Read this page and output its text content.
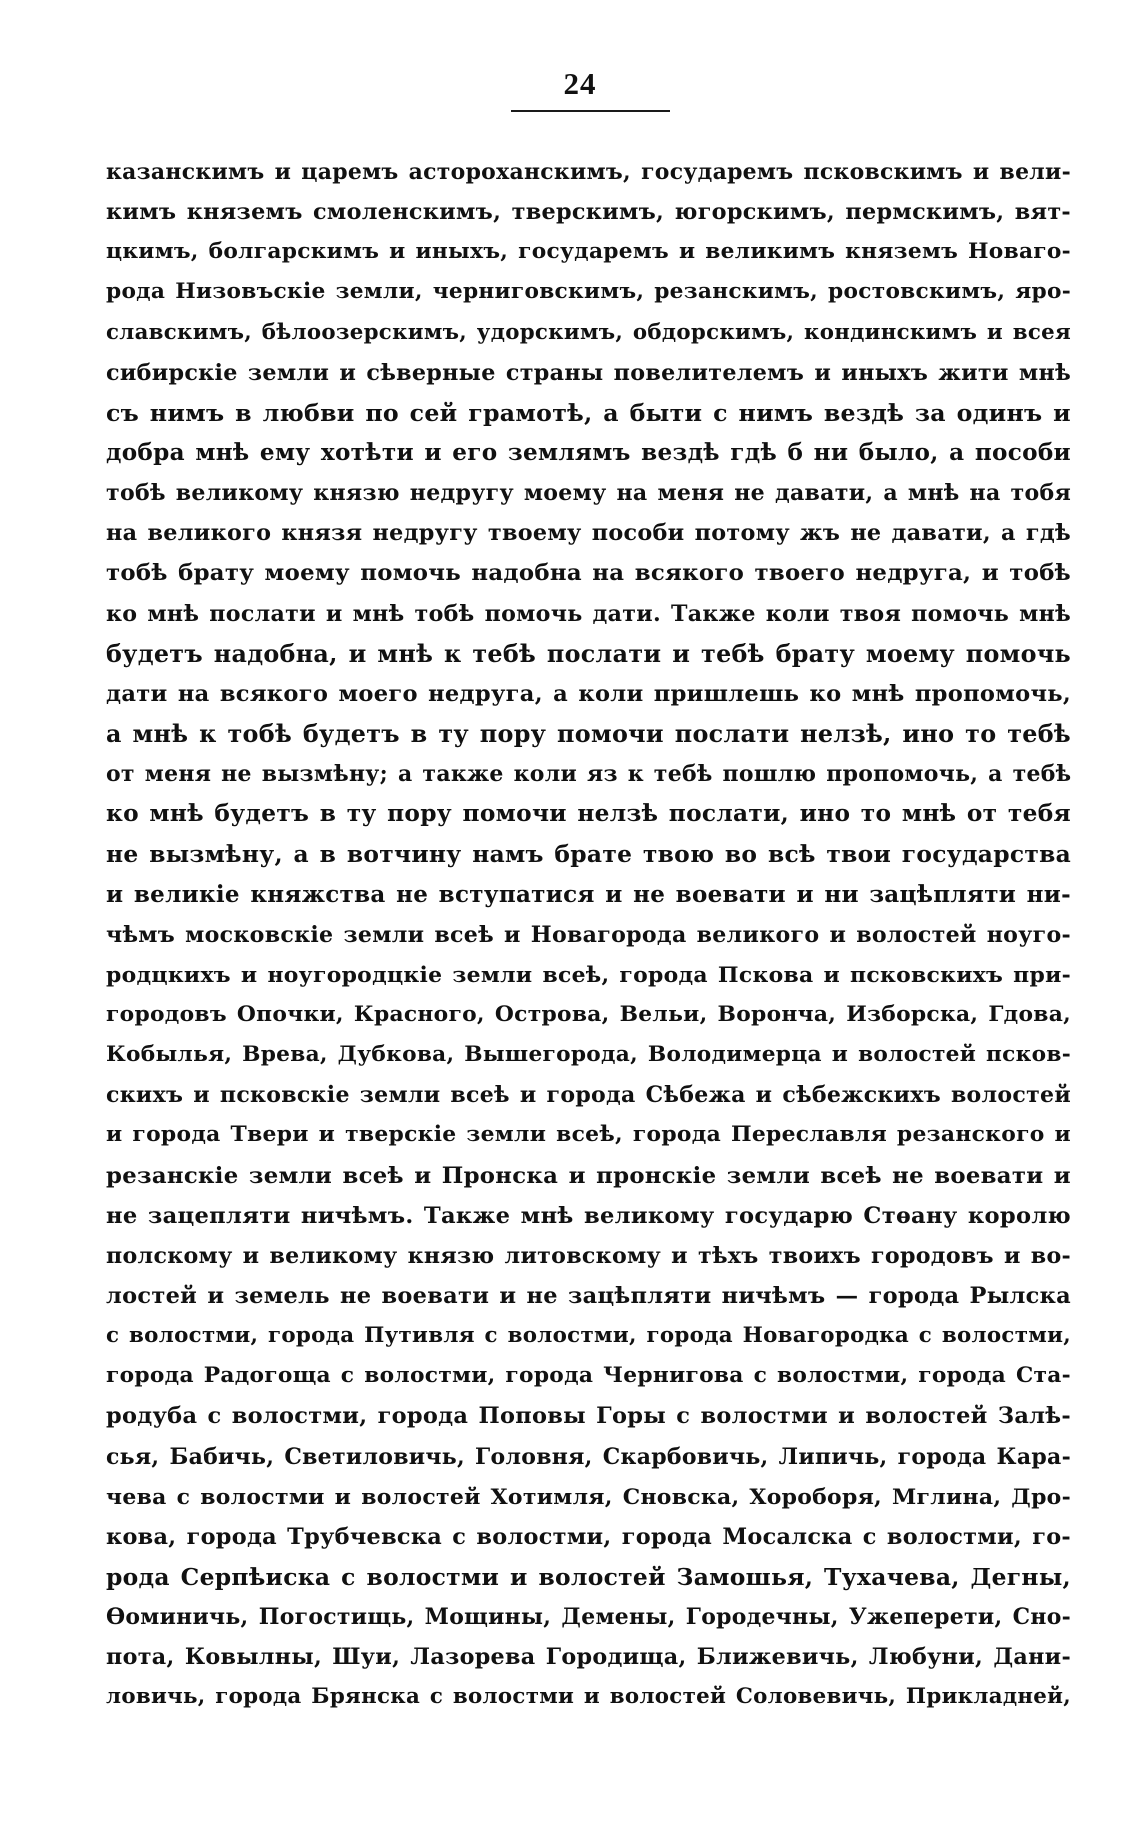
24
казанскимъ и царемъ астороханскимъ, государемъ псковскимъ и вели-
кимъ княземъ смоленскимъ, тверскимъ, югорскимъ, пермскимъ, вят-
цкимъ, болгарскимъ и иныхъ, государемъ и великимъ княземъ Новаго-
рода Низовъскіе земли, черниговскимъ, резанскимъ, ростовскимъ, яро-
славскимъ, бѣлоозерскимъ, удорскимъ, обдорскимъ, кондинскимъ и всея
сибирскіе земли и сѣверные страны повелителемъ и иныхъ жити мнѣ
съ нимъ в любви по сей грамотѣ, а быти с нимъ вездѣ за одинъ и
добра мнѣ ему хотѣти и его землямъ вездѣ гдѣ б ни было, а пособи
тобѣ великому князю недругу моему на меня не давати, а мнѣ на тобя
на великого князя недругу твоему пособи потому жъ не давати, а гдѣ
тобѣ брату моему помочь надобна на всякого твоего недруга, и тобѣ
ко мнѣ послати и мнѣ тобѣ помочь дати. Также коли твоя помочь мнѣ
будетъ надобна, и мнѣ к тебѣ послати и тебѣ брату моему помочь
дати на всякого моего недруга, а коли пришлешь ко мнѣ пропомочь,
а мнѣ к тобѣ будетъ в ту пору помочи послати нелзѣ, ино то тебѣ
от меня не вызмѣну; а также коли яз к тебѣ пошлю пропомочь, а тебѣ
ко мнѣ будетъ в ту пору помочи нелзѣ послати, ино то мнѣ от тебя
не вызмѣну, а в вотчину намъ брате твою во всѣ твои государства
и великіе княжства не вступатися и не воевати и ни зацѣпляти ни-
чѣмъ московскіе земли всеѣ и Новагорода великого и волостей ноуго-
родцкихъ и ноугородцкіе земли всеѣ, города Пскова и псковскихъ при-
городовъ Опочки, Красного, Острова, Вельи, Воронча, Изборска, Гдова,
Кобылья, Врева, Дубкова, Вышегорода, Володимерца и волостей псков-
скихъ и псковскіе земли всеѣ и города Сѣбежа и сѣбежскихъ волостей
и города Твери и тверскіе земли всеѣ, города Переславля резанского и
резанскіе земли всеѣ и Пронска и пронскіе земли всеѣ не воевати и
не зацепляти ничѣмъ. Также мнѣ великому государю Стѳану королю
полскому и великому князю литовскому и тѣхъ твоихъ городовъ и во-
лостей и земель не воевати и не зацѣпляти ничѣмъ — города Рылска
с волостми, города Путивля с волостми, города Новагородка с волостми,
города Радогоща с волостми, города Чернигова с волостми, города Ста-
родуба с волостми, города Поповы Горы с волостми и волостей Залѣ-
сья, Бабичь, Светиловичь, Головня, Скарбовичь, Липичь, города Кара-
чева с волостми и волостей Хотимля, Сновска, Хороборя, Мглина, Дро-
кова, города Трубчевска с волостми, города Мосалска с волостми, го-
рода Серпѣиска с волостми и волостей Замошья, Тухачева, Дегны,
Ѳоминичь, Погостищь, Мощины, Демены, Городечны, Ужеперети, Сно-
пота, Ковылны, Шуи, Лазорева Городища, Ближевичь, Любуни, Дани-
ловичь, города Брянска с волостми и волостей Соловевичь, Прикладней,
